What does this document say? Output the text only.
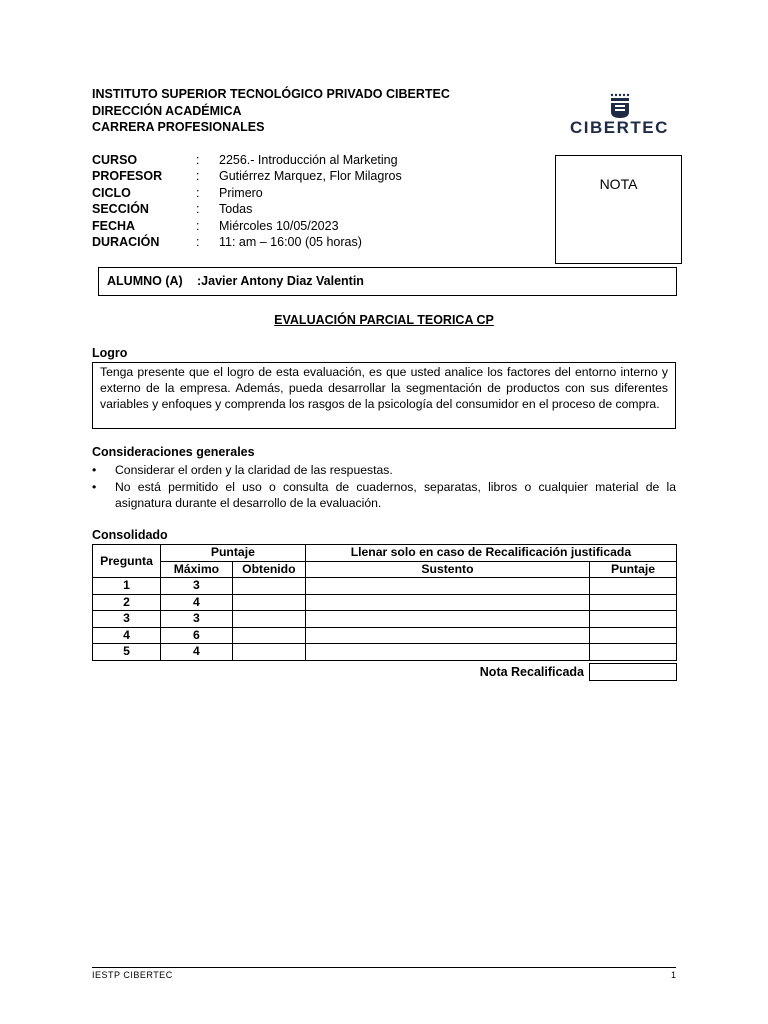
INSTITUTO SUPERIOR TECNOLÓGICO PRIVADO CIBERTEC
DIRECCIÓN ACADÉMICA
CARRERA PROFESIONALES	CIBERTEC
CURSO	: 2256.- Introducción al Marketing
PROFESOR	: Gutiérrez Marquez, Flor Milagros
CICLO	: Primero
SECCIÓN	: Todas
FECHA	: Miércoles 10/05/2023
DURACIÓN	: 11: am – 16:00 (05 horas)
NOTA
ALUMNO (A) :Javier Antony Diaz Valentin
EVALUACIÓN PARCIAL TEORICA CP
Logro
Tenga presente que el logro de esta evaluación, es que usted analice los factores del entorno interno y externo de la empresa. Además, pueda desarrollar la segmentación de productos con sus diferentes variables y enfoques y comprenda los rasgos de la psicología del consumidor en el proceso de compra.
Consideraciones generales
• Considerar el orden y la claridad de las respuestas.
• No está permitido el uso o consulta de cuadernos, separatas, libros o cualquier material de la asignatura durante el desarrollo de la evaluación.
Consolidado
Pregunta	Puntaje		Llenar solo en caso de Recalificación justificada	
	Máximo	Obtenido	Sustento	Puntaje
1	3			
2	4			
3	3			
4	6			
5	4			
Nota Recalificada
IESTP CIBERTEC	1
